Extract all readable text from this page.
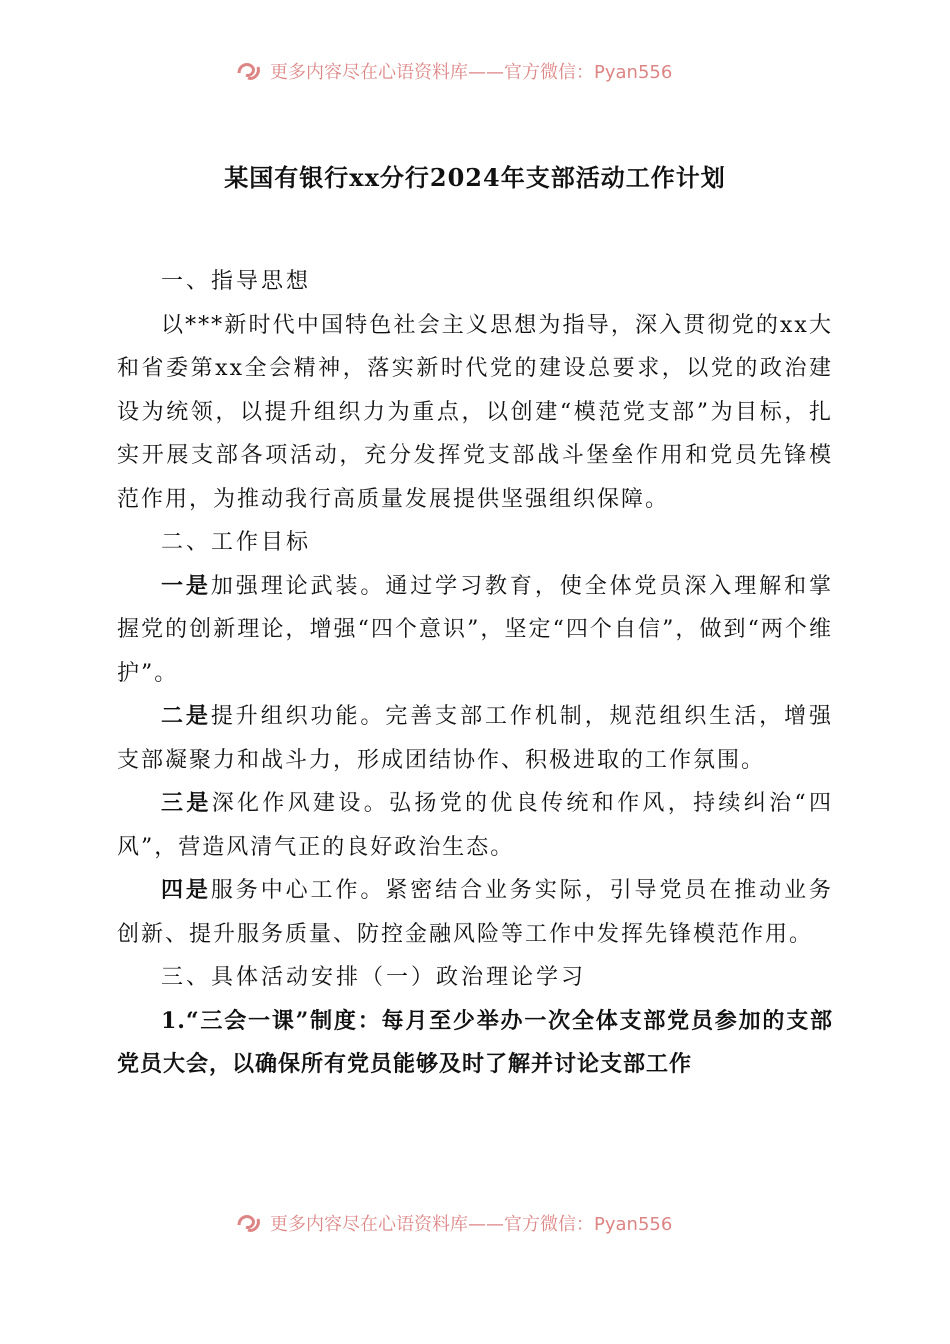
更多内容尽在心语资料库——官方微信：Pyan556
某国有银行xx分行2024年支部活动工作计划

一、指导思想

以***新时代中国特色社会主义思想为指导，深入贯彻党的xx大和省委第xx全会精神，落实新时代党的建设总要求，以党的政治建设为统领，以提升组织力为重点，以创建“模范党支部”为目标，扎实开展支部各项活动，充分发挥党支部战斗堡垒作用和党员先锋模范作用，为推动我行高质量发展提供坚强组织保障。

二、工作目标

一是加强理论武装。通过学习教育，使全体党员深入理解和掌握党的创新理论，增强“四个意识”，坚定“四个自信”，做到“两个维护”。

二是提升组织功能。完善支部工作机制，规范组织生活，增强支部凝聚力和战斗力，形成团结协作、积极进取的工作氛围。

三是深化作风建设。弘扬党的优良传统和作风，持续纠治“四风”，营造风清气正的良好政治生态。

四是服务中心工作。紧密结合业务实际，引导党员在推动业务创新、提升服务质量、防控金融风险等工作中发挥先锋模范作用。

三、具体活动安排（一）政治理论学习

1.“三会一课”制度：每月至少举办一次全体支部党员参加的支部党员大会，以确保所有党员能够及时了解并讨论支部工作

更多内容尽在心语资料库——官方微信：Pyan556
